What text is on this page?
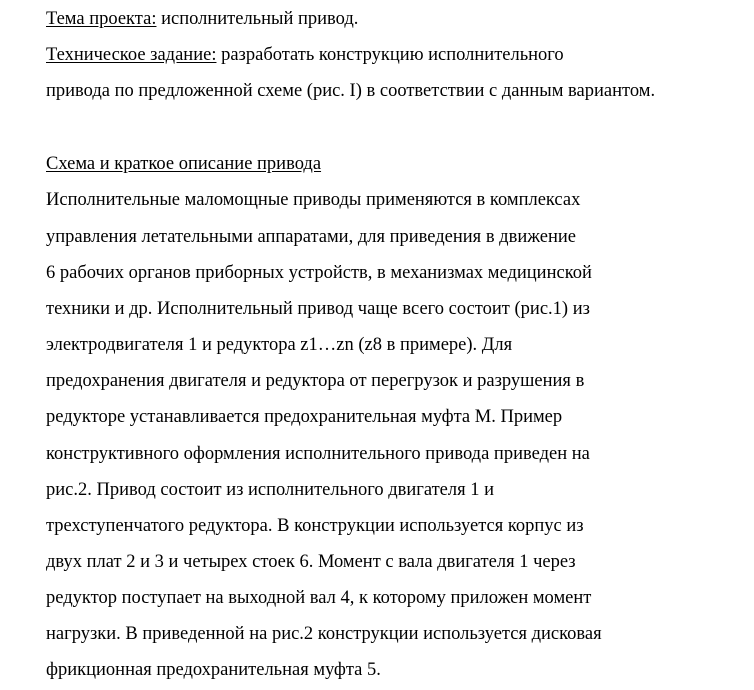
Тема проекта: исполнительный привод.
Техническое задание: разработать конструкцию исполнительного
привода по предложенной схеме (рис. I) в соответствии с данным вариантом.
Схема и краткое описание привода
Исполнительные маломощные приводы применяются в комплексах
управления летательными аппаратами, для приведения в движение
6 рабочих органов приборных устройств, в механизмах медицинской
техники и др. Исполнительный привод чаще всего состоит (рис.1) из
электродвигателя 1 и редуктора z1…zn (z8 в примере). Для
предохранения двигателя и редуктора от перегрузок и разрушения в
редукторе устанавливается предохранительная муфта М. Пример
конструктивного оформления исполнительного привода приведен на
рис.2. Привод состоит из исполнительного двигателя 1 и
трехступенчатого редуктора. В конструкции используется корпус из
двух плат 2 и 3 и четырех стоек 6. Момент с вала двигателя 1 через
редуктор поступает на выходной вал 4, к которому приложен момент
нагрузки. В приведенной на рис.2 конструкции используется дисковая
фрикционная предохранительная муфта 5.
